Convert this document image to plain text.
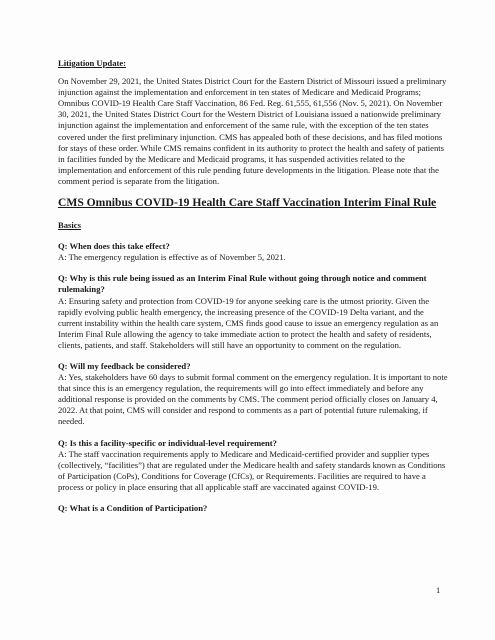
Litigation Update:
On November 29, 2021, the United States District Court for the Eastern District of Missouri issued a preliminary injunction against the implementation and enforcement in ten states of Medicare and Medicaid Programs; Omnibus COVID-19 Health Care Staff Vaccination, 86 Fed. Reg. 61,555, 61,556 (Nov. 5, 2021). On November 30, 2021, the United States District Court for the Western District of Louisiana issued a nationwide preliminary injunction against the implementation and enforcement of the same rule, with the exception of the ten states covered under the first preliminary injunction. CMS has appealed both of these decisions, and has filed motions for stays of these order. While CMS remains confident in its authority to protect the health and safety of patients in facilities funded by the Medicare and Medicaid programs, it has suspended activities related to the implementation and enforcement of this rule pending future developments in the litigation. Please note that the comment period is separate from the litigation.
CMS Omnibus COVID-19 Health Care Staff Vaccination Interim Final Rule
Basics
Q: When does this take effect?
A: The emergency regulation is effective as of November 5, 2021.
Q: Why is this rule being issued as an Interim Final Rule without going through notice and comment rulemaking?
A: Ensuring safety and protection from COVID-19 for anyone seeking care is the utmost priority. Given the rapidly evolving public health emergency, the increasing presence of the COVID-19 Delta variant, and the current instability within the health care system, CMS finds good cause to issue an emergency regulation as an Interim Final Rule allowing the agency to take immediate action to protect the health and safety of residents, clients, patients, and staff. Stakeholders will still have an opportunity to comment on the regulation.
Q: Will my feedback be considered?
A: Yes, stakeholders have 60 days to submit formal comment on the emergency regulation. It is important to note that since this is an emergency regulation, the requirements will go into effect immediately and before any additional response is provided on the comments by CMS. The comment period officially closes on January 4, 2022. At that point, CMS will consider and respond to comments as a part of potential future rulemaking, if needed.
Q: Is this a facility-specific or individual-level requirement?
A: The staff vaccination requirements apply to Medicare and Medicaid-certified provider and supplier types (collectively, “facilities”) that are regulated under the Medicare health and safety standards known as Conditions of Participation (CoPs), Conditions for Coverage (CfCs), or Requirements. Facilities are required to have a process or policy in place ensuring that all applicable staff are vaccinated against COVID-19.
Q: What is a Condition of Participation?
1
